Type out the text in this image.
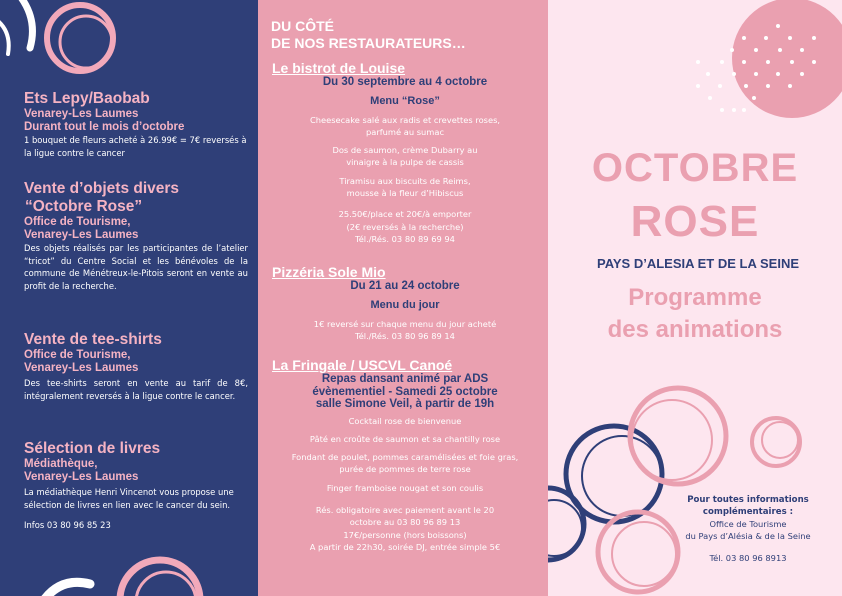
Ets Lepy/Baobab
Venarey-Les Laumes
Durant tout le mois d’octobre

1 bouquet de fleurs acheté à 26.99€ = 7€ reversés à la ligue contre le cancer

Vente d’objets divers
“Octobre Rose”
Office de Tourisme,
Venarey-Les Laumes

Des objets réalisés par les participantes de l’atelier “tricot” du Centre Social et les bénévoles de la commune de Ménétreux-le-Pitois seront en vente au profit de la recherche.

Vente de tee-shirts
Office de Tourisme,
Venarey-Les Laumes

Des tee-shirts seront en vente au tarif de 8€, intégralement reversés à la ligue contre le cancer.

Sélection de livres
Médiathèque,
Venarey-Les Laumes

La médiathèque Henri Vincenot vous propose une sélection de livres en lien avec le cancer du sein.

Infos 03 80 96 85 23

DU CÔTÉ
DE NOS RESTAURATEURS…
Le bistrot de Louise
Du 30 septembre au 4 octobre
Menu “Rose”

Cheesecake salé aux radis et crevettes roses, parfumé au sumac

Dos de saumon, crème Dubarry au vinaigre à la pulpe de cassis

Tiramisu aux biscuits de Reims, mousse à la fleur d’Hibiscus

25.50€/place et 20€/à emporter

(2€ reversés à la recherche)

Tél./Rés. 03 80 89 69 94

Pizzéria Sole Mio
Du 21 au 24 octobre
Menu du jour

1€ reversé sur chaque menu du jour acheté

Tél./Rés. 03 80 96 89 14

La Fringale / USCVL Canoé
Repas dansant animé par ADS
évènementiel - Samedi 25 octobre
salle Simone Veil, à partir de 19h

Cocktail rose de bienvenue

Pâté en croûte de saumon et sa chantilly rose

Fondant de poulet, pommes caramélisées et foie gras, purée de pommes de terre rose

Finger framboise nougat et son coulis

Rés. obligatoire avec paiement avant le 20 octobre au 03 80 96 89 13

17€/personne (hors boissons)

A partir de 22h30, soirée DJ, entrée simple 5€

OCTOBRE
ROSE
PAYS D’ALESIA ET DE LA SEINE
Programme
des animations
Pour toutes informations
complémentaires :
Office de Tourisme
du Pays d’Alésia & de la Seine
Tél. 03 80 96 8913
